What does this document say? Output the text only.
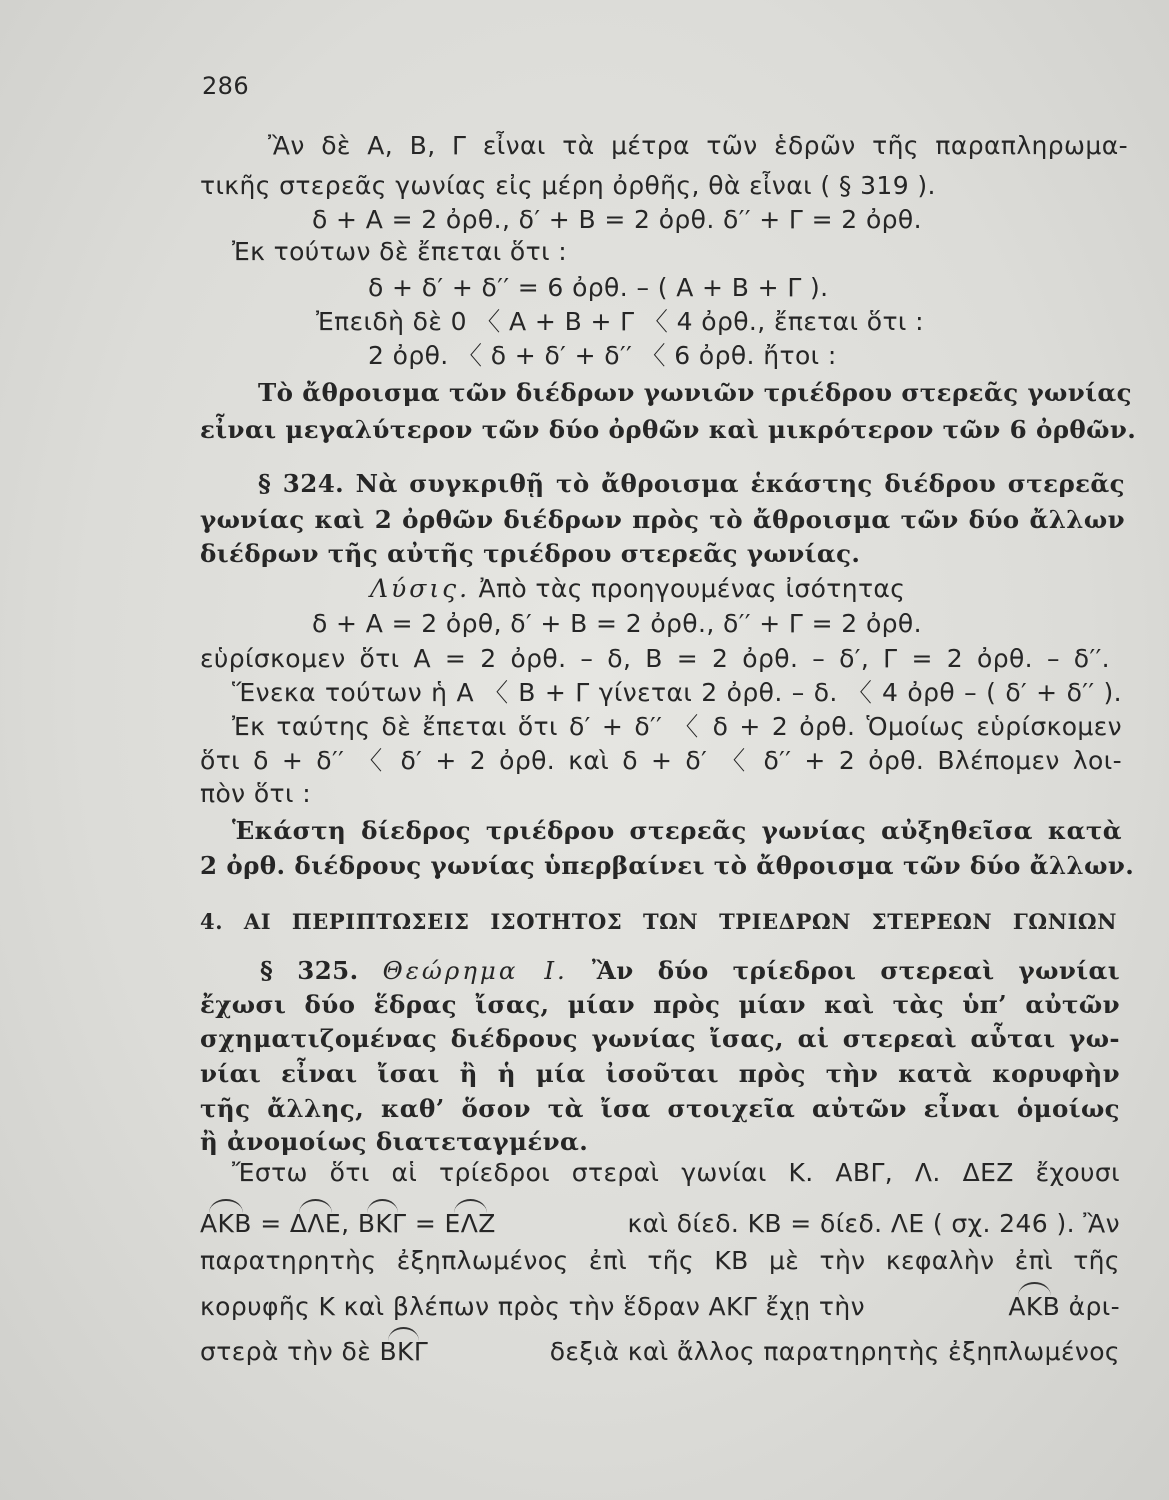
286
Ἂν δὲ Α, Β, Γ εἶναι τὰ μέτρα τῶν ἑδρῶν τῆς παραπληρωμα-
τικῆς στερεᾶς γωνίας εἰς μέρη ὀρθῆς, θὰ εἶναι ( § 319 ).
δ + Α = 2 ὀρθ., δ′ + Β = 2 ὀρθ. δ′′ + Γ = 2 ὀρθ.
Ἐκ τούτων δὲ ἔπεται ὅτι :
δ + δ′ + δ′′ = 6 ὀρθ. – ( Α + Β + Γ ).
Ἐπειδὴ δὲ 0 〈 Α + Β + Γ 〈 4 ὀρθ., ἔπεται ὅτι :
2 ὀρθ. 〈 δ + δ′ + δ′′ 〈 6 ὀρθ. ἤτοι :
Τὸ ἄθροισμα τῶν διέδρων γωνιῶν τριέδρου στερεᾶς γωνίας
εἶναι μεγαλύτερον τῶν δύο ὀρθῶν καὶ μικρότερον τῶν 6 ὀρθῶν.
§ 324. Νὰ συγκριθῇ τὸ ἄθροισμα ἑκάστης διέδρου στερεᾶς
γωνίας καὶ 2 ὀρθῶν διέδρων πρὸς τὸ ἄθροισμα τῶν δύο ἄλλων
διέδρων τῆς αὐτῆς τριέδρου στερεᾶς γωνίας.
Λύσις. Ἀπὸ τὰς προηγουμένας ἰσότητας
δ + Α = 2 ὀρθ, δ′ + Β = 2 ὀρθ., δ′′ + Γ = 2 ὀρθ.
εὑρίσκομεν ὅτι Α = 2 ὀρθ. – δ, Β = 2 ὀρθ. – δ′, Γ = 2 ὀρθ. – δ′′.
Ἕνεκα τούτων ἡ Α 〈 Β + Γ γίνεται 2 ὀρθ. – δ. 〈 4 ὀρθ – ( δ′ + δ′′ ).
Ἐκ ταύτης δὲ ἔπεται ὅτι δ′ + δ′′ 〈 δ + 2 ὀρθ. Ὁμοίως εὑρίσκομεν
ὅτι δ + δ′′ 〈 δ′ + 2 ὀρθ. καὶ δ + δ′ 〈 δ′′ + 2 ὀρθ. Βλέπομεν λοι-
πὸν ὅτι :
Ἑκάστη δίεδρος τριέδρου στερεᾶς γωνίας αὐξηθεῖσα κατὰ
2 ὀρθ. διέδρους γωνίας ὑπερβαίνει τὸ ἄθροισμα τῶν δύο ἄλλων.
4. ΑΙ ΠΕΡΙΠΤΩΣΕΙΣ ΙΣΟΤΗΤΟΣ ΤΩΝ ΤΡΙΕΔΡΩΝ ΣΤΕΡΕΩΝ ΓΩΝΙΩΝ
§ 325. Θεώρημα Ι. Ἂν δύο τρίεδροι στερεαὶ γωνίαι
ἔχωσι δύο ἕδρας ἴσας, μίαν πρὸς μίαν καὶ τὰς ὑπ’ αὐτῶν
σχηματιζομένας διέδρους γωνίας ἴσας, αἱ στερεαὶ αὗται γω-
νίαι εἶναι ἴσαι ἢ ἡ μία ἰσοῦται πρὸς τὴν κατὰ κορυφὴν
τῆς ἄλλης, καθ’ ὅσον τὰ ἴσα στοιχεῖα αὐτῶν εἶναι ὁμοίως
ἢ ἀνομοίως διατεταγμένα.
Ἔστω ὅτι αἱ τρίεδροι στεραὶ γωνίαι Κ. ΑΒΓ, Λ. ΔΕΖ ἔχουσι
ΑΚΒ = ΔΛΕ, ΒΚΓ = ΕΛΖ	καὶ δίεδ. ΚΒ = δίεδ. ΛΕ ( σχ. 246 ). Ἂν
παρατηρητὴς ἐξηπλωμένος ἐπὶ τῆς ΚΒ μὲ τὴν κεφαλὴν ἐπὶ τῆς
κορυφῆς Κ καὶ βλέπων πρὸς τὴν ἕδραν ΑΚΓ ἔχῃ τὴν	ΑΚΒ ἀρι-
στερὰ τὴν δὲ ΒΚΓ	δεξιὰ καὶ ἄλλος παρατηρητὴς ἐξηπλωμένος
